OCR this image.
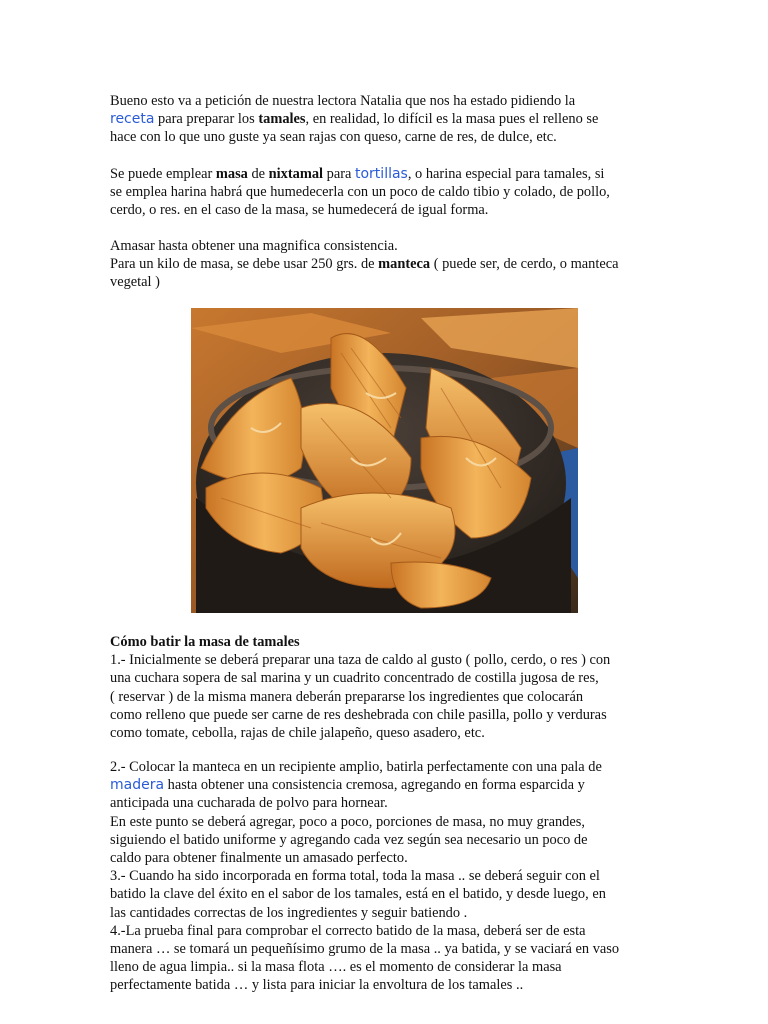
Bueno esto va a petición de nuestra lectora Natalia que nos ha estado pidiendo la
receta para preparar los tamales, en realidad, lo difícil es la masa pues el relleno se
hace con lo que uno guste ya sean rajas con queso, carne de res, de dulce, etc.
Se puede emplear masa de nixtamal para tortillas, o harina especial para tamales, si
se emplea harina habrá que humedecerla con un poco de caldo tibio y colado, de pollo,
cerdo, o res. en el caso de la masa, se humedecerá de igual forma.
Amasar hasta obtener una magnifica consistencia.
Para un kilo de masa, se debe usar 250 grs. de manteca ( puede ser, de cerdo, o manteca
vegetal )
Cómo batir la masa de tamales
1.- Inicialmente se deberá preparar una taza de caldo al gusto ( pollo, cerdo, o res ) con
una cuchara sopera de sal marina y un cuadrito concentrado de costilla jugosa de res,
( reservar ) de la misma manera deberán prepararse los ingredientes que colocarán
como relleno que puede ser carne de res deshebrada con chile pasilla, pollo y verduras
como tomate, cebolla, rajas de chile jalapeño, queso asadero, etc.
2.- Colocar la manteca en un recipiente amplio, batirla perfectamente con una pala de
madera hasta obtener una consistencia cremosa, agregando en forma esparcida y
anticipada una cucharada de polvo para hornear.
En este punto se deberá agregar, poco a poco, porciones de masa, no muy grandes,
siguiendo el batido uniforme y agregando cada vez según sea necesario un poco de
caldo para obtener finalmente un amasado perfecto.
3.- Cuando ha sido incorporada en forma total, toda la masa .. se deberá seguir con el
batido la clave del éxito en el sabor de los tamales, está en el batido, y desde luego, en
las cantidades correctas de los ingredientes y seguir batiendo .
4.-La prueba final para comprobar el correcto batido de la masa, deberá ser de esta
manera … se tomará un pequeñísimo grumo de la masa .. ya batida, y se vaciará en vaso
lleno de agua limpia.. si la masa flota …. es el momento de considerar la masa
perfectamente batida … y lista para iniciar la envoltura de los tamales ..
